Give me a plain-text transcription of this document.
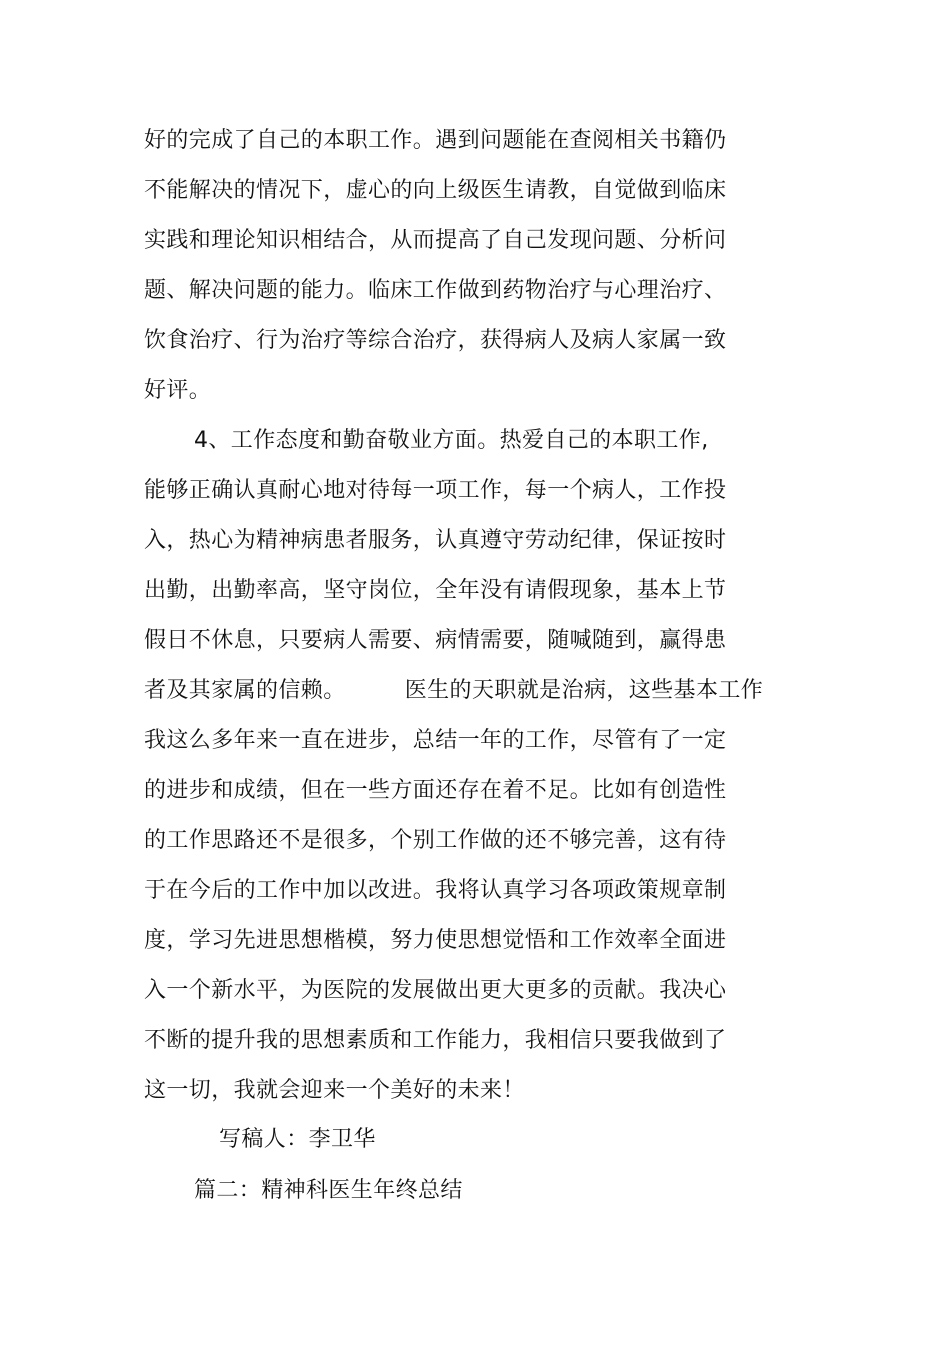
好的完成了自己的本职工作。遇到问题能在查阅相关书籍仍
不能解决的情况下，虚心的向上级医生请教，自觉做到临床
实践和理论知识相结合，从而提高了自己发现问题、分析问
题、解决问题的能力。临床工作做到药物治疗与心理治疗、
饮食治疗、行为治疗等综合治疗，获得病人及病人家属一致
好评。
4、工作态度和勤奋敬业方面。热爱自己的本职工作,
能够正确认真耐心地对待每一项工作，每一个病人，工作投
入，热心为精神病患者服务，认真遵守劳动纪律，保证按时
出勤，出勤率高，坚守岗位，全年没有请假现象，基本上节
假日不休息，只要病人需要、病情需要，随喊随到，赢得患
者及其家属的信赖。        医生的天职就是治病，这些基本工作
我这么多年来一直在进步，总结一年的工作，尽管有了一定
的进步和成绩，但在一些方面还存在着不足。比如有创造性
的工作思路还不是很多，个别工作做的还不够完善，这有待
于在今后的工作中加以改进。我将认真学习各项政策规章制
度，学习先进思想楷模，努力使思想觉悟和工作效率全面进
入一个新水平，为医院的发展做出更大更多的贡献。我决心
不断的提升我的思想素质和工作能力，我相信只要我做到了
这一切，我就会迎来一个美好的未来！
写稿人：李卫华
篇二：精神科医生年终总结
